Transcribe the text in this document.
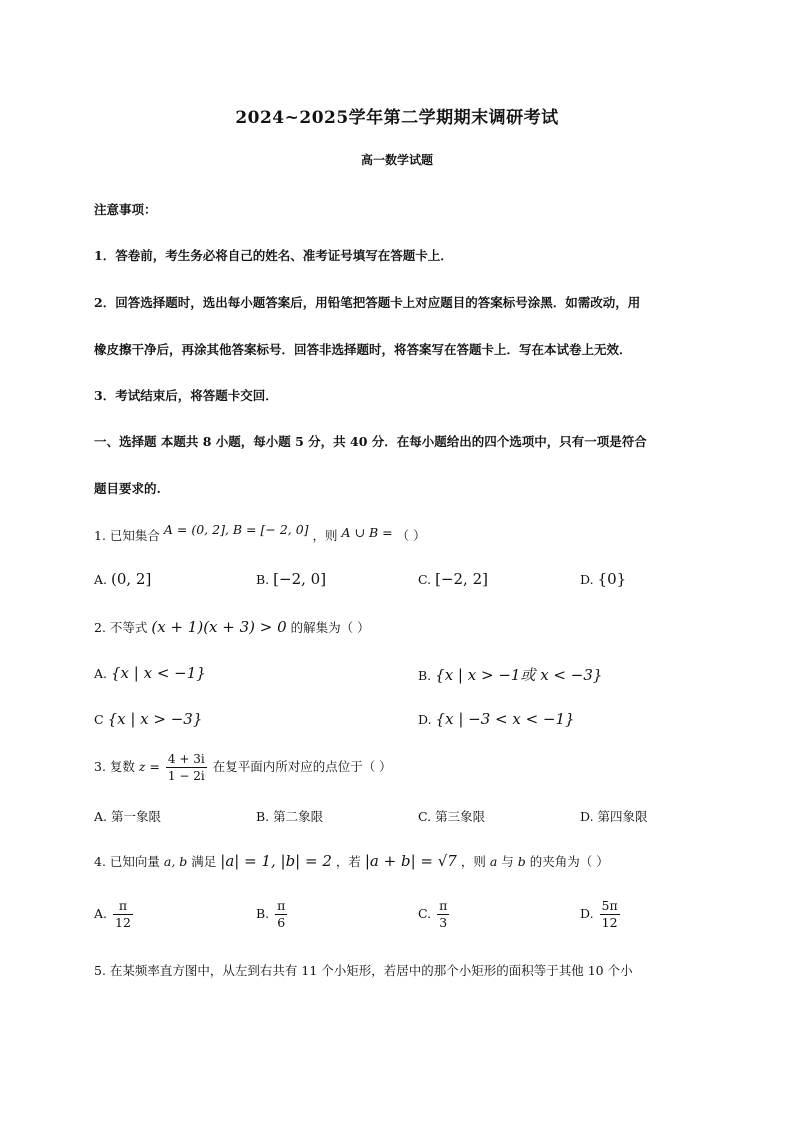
2024~2025学年第二学期期末调研考试
高一数学试题
注意事项：
1．答卷前，考生务必将自己的姓名、准考证号填写在答题卡上．
2．回答选择题时，选出每小题答案后，用铅笔把答题卡上对应题目的答案标号涂黑．如需改动，用
橡皮擦干净后，再涂其他答案标号．回答非选择题时，将答案写在答题卡上．写在本试卷上无效．
3．考试结束后，将答题卡交回．
一、选择题 本题共 8 小题，每小题 5 分，共 40 分．在每小题给出的四个选项中，只有一项是符合
题目要求的.
1. 已知集合 A = (0, 2], B = [− 2, 0] ，则 A ∪ B = （ ）
A. (0, 2]	B. [−2, 0]	C. [−2, 2]	D. {0}
2. 不等式 (x + 1)(x + 3) > 0 的解集为（ ）
A. {x | x < −1}	B. {x | x > −1或 x < −3}
C {x | x > −3}	D. {x | −3 < x < −1}
3. 复数 $z = \frac{4 + 3i}{1 - 2i}$ 在复平面内所对应的点位于（ ）
A. 第一象限	B. 第二象限	C. 第三象限	D. 第四象限
4. 已知向量 a, b 满足 |a| = 1, |b| = 2 ，若 |a + b| = √7 ，则 a 与 b 的夹角为（ ）
A. $\frac{\pi}{12}$	B. $\frac{\pi}{6}$	C. $\frac{\pi}{3}$	D. $\frac{5\pi}{12}$
5. 在某频率直方图中，从左到右共有 11 个小矩形，若居中的那个小矩形的面积等于其他 10 个小
